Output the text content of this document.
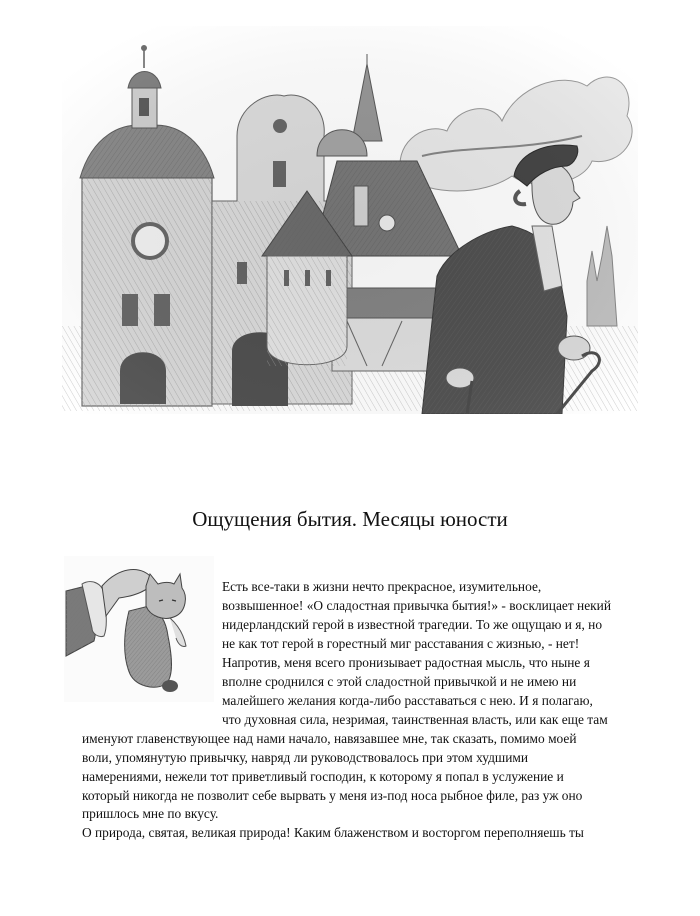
Ощущения бытия. Месяцы юности
Есть все-таки в жизни нечто прекрасное, изумительное,
возвышенное! «О сладостная привычка бытия!» - восклицает некий
нидерландский герой в известной трагедии. То же ощущаю и я, но
не как тот герой в горестный миг расставания с жизнью, - нет!
Напротив, меня всего пронизывает радостная мысль, что ныне я
вполне сроднился с этой сладостной привычкой и не имею ни
малейшего желания когда-либо расставаться с нею. И я полагаю,
что духовная сила, незримая, таинственная власть, или как еще там
именуют главенствующее над нами начало, навязавшее мне, так сказать, помимо моей
воли, упомянутую привычку, навряд ли руководствовалось при этом худшими
намерениями, нежели тот приветливый господин, к которому я попал в услужение и
который никогда не позволит себе вырвать у меня из-под носа рыбное филе, раз уж оно
пришлось мне по вкусу.
О природа, святая, великая природа! Каким блаженством и восторгом переполняешь ты
